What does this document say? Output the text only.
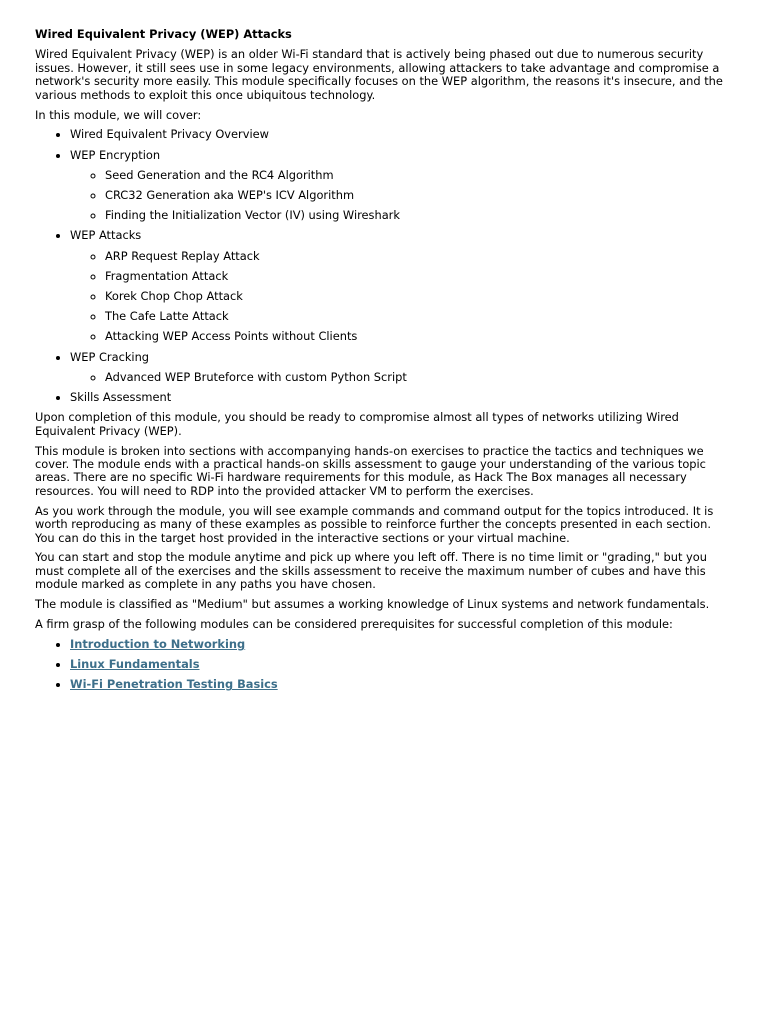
Wired Equivalent Privacy (WEP) Attacks

Wired Equivalent Privacy (WEP) is an older Wi-Fi standard that is actively being phased out due to numerous security issues. However, it still sees use in some legacy environments, allowing attackers to take advantage and compromise a network's security more easily. This module specifically focuses on the WEP algorithm, the reasons it's insecure, and the various methods to exploit this once ubiquitous technology.

In this module, we will cover:

• Wired Equivalent Privacy Overview
• WEP Encryption
◦ Seed Generation and the RC4 Algorithm
◦ CRC32 Generation aka WEP's ICV Algorithm
◦ Finding the Initialization Vector (IV) using Wireshark
• WEP Attacks
◦ ARP Request Replay Attack
◦ Fragmentation Attack
◦ Korek Chop Chop Attack
◦ The Cafe Latte Attack
◦ Attacking WEP Access Points without Clients
• WEP Cracking
◦ Advanced WEP Bruteforce with custom Python Script
• Skills Assessment

Upon completion of this module, you should be ready to compromise almost all types of networks utilizing Wired Equivalent Privacy (WEP).

This module is broken into sections with accompanying hands-on exercises to practice the tactics and techniques we cover. The module ends with a practical hands-on skills assessment to gauge your understanding of the various topic areas. There are no specific Wi-Fi hardware requirements for this module, as Hack The Box manages all necessary resources. You will need to RDP into the provided attacker VM to perform the exercises.

As you work through the module, you will see example commands and command output for the topics introduced. It is worth reproducing as many of these examples as possible to reinforce further the concepts presented in each section. You can do this in the target host provided in the interactive sections or your virtual machine.

You can start and stop the module anytime and pick up where you left off. There is no time limit or "grading," but you must complete all of the exercises and the skills assessment to receive the maximum number of cubes and have this module marked as complete in any paths you have chosen.

The module is classified as "Medium" but assumes a working knowledge of Linux systems and network fundamentals.

A firm grasp of the following modules can be considered prerequisites for successful completion of this module:

• Introduction to Networking
• Linux Fundamentals
• Wi-Fi Penetration Testing Basics
